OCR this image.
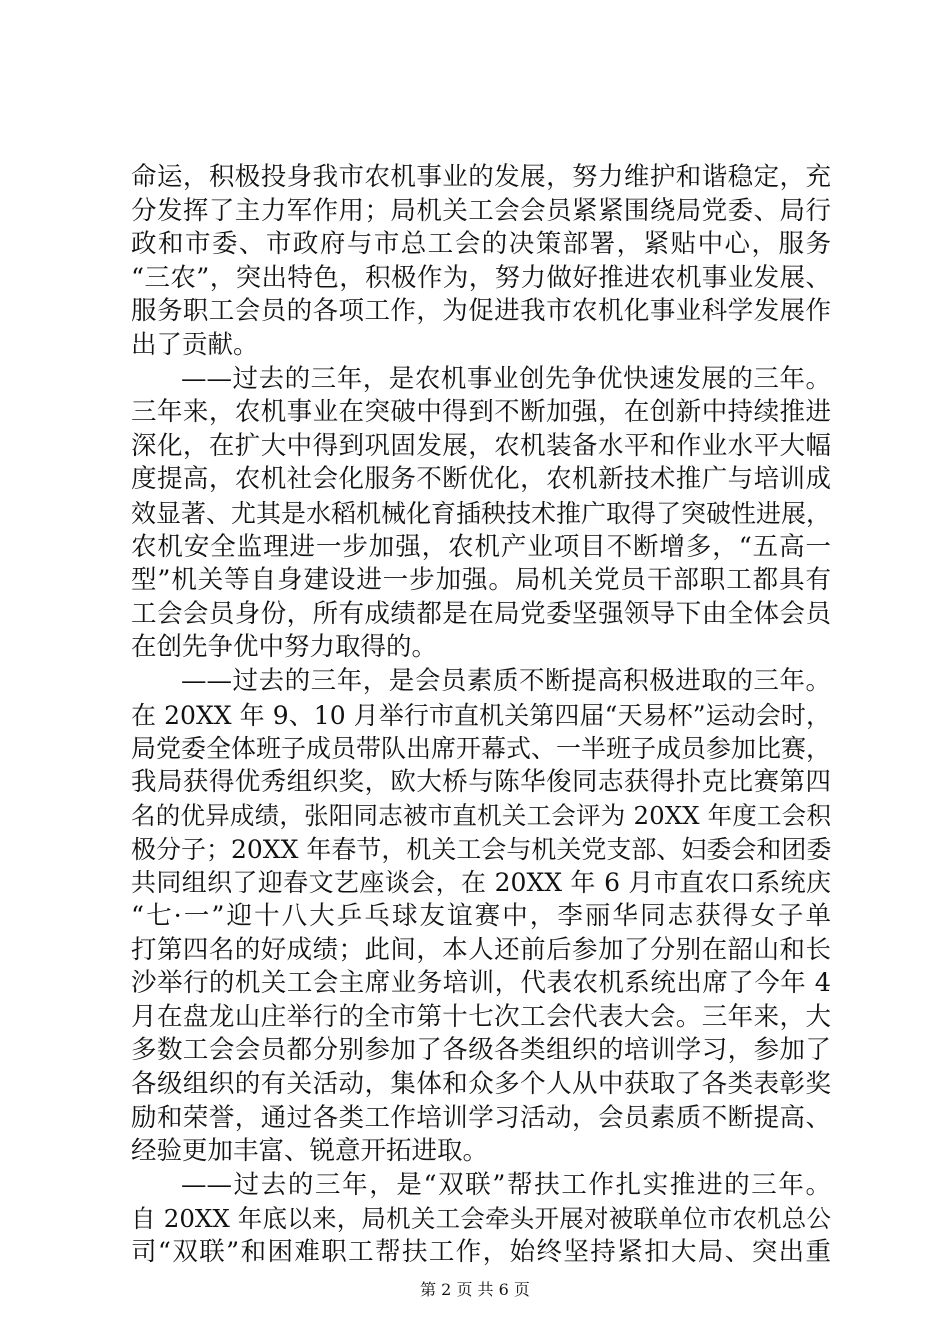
命运，积极投身我市农机事业的发展，努力维护和谐稳定，充
分发挥了主力军作用；局机关工会会员紧紧围绕局党委、局行
政和市委、市政府与市总工会的决策部署，紧贴中心，服务
“三农”，突出特色，积极作为，努力做好推进农机事业发展、
服务职工会员的各项工作，为促进我市农机化事业科学发展作
出了贡献。
——过去的三年，是农机事业创先争优快速发展的三年。
三年来，农机事业在突破中得到不断加强，在创新中持续推进
深化，在扩大中得到巩固发展，农机装备水平和作业水平大幅
度提高，农机社会化服务不断优化，农机新技术推广与培训成
效显著、尤其是水稻机械化育插秧技术推广取得了突破性进展，
农机安全监理进一步加强，农机产业项目不断增多，“五高一
型”机关等自身建设进一步加强。局机关党员干部职工都具有
工会会员身份，所有成绩都是在局党委坚强领导下由全体会员
在创先争优中努力取得的。
——过去的三年，是会员素质不断提高积极进取的三年。
在 20XX 年 9、10 月举行市直机关第四届“天易杯”运动会时，
局党委全体班子成员带队出席开幕式、一半班子成员参加比赛，
我局获得优秀组织奖，欧大桥与陈华俊同志获得扑克比赛第四
名的优异成绩，张阳同志被市直机关工会评为 20XX 年度工会积
极分子；20XX 年春节，机关工会与机关党支部、妇委会和团委
共同组织了迎春文艺座谈会，在 20XX 年 6 月市直农口系统庆
“七·一”迎十八大乒乓球友谊赛中，李丽华同志获得女子单
打第四名的好成绩；此间，本人还前后参加了分别在韶山和长
沙举行的机关工会主席业务培训，代表农机系统出席了今年 4
月在盘龙山庄举行的全市第十七次工会代表大会。三年来，大
多数工会会员都分别参加了各级各类组织的培训学习，参加了
各级组织的有关活动，集体和众多个人从中获取了各类表彰奖
励和荣誉，通过各类工作培训学习活动，会员素质不断提高、
经验更加丰富、锐意开拓进取。
——过去的三年，是“双联”帮扶工作扎实推进的三年。
自 20XX 年底以来，局机关工会牵头开展对被联单位市农机总公
司“双联”和困难职工帮扶工作，始终坚持紧扣大局、突出重
第 2 页 共 6 页
